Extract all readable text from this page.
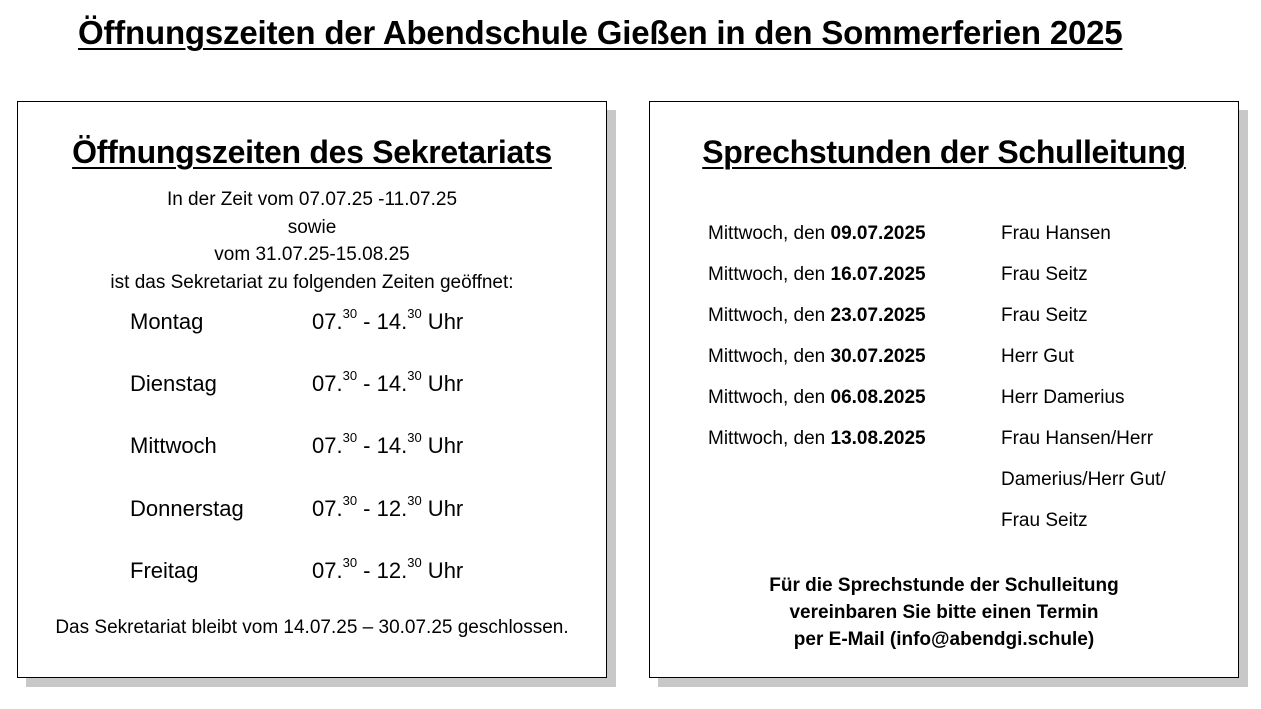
Öffnungszeiten der Abendschule Gießen in den Sommerferien 2025
Öffnungszeiten des Sekretariats
In der Zeit vom 07.07.25 -11.07.25
sowie
vom 31.07.25-15.08.25
ist das Sekretariat zu folgenden Zeiten geöffnet:
Montag	07.30 - 14.30 Uhr
Dienstag	07.30 - 14.30 Uhr
Mittwoch	07.30 - 14.30 Uhr
Donnerstag	07.30 - 12.30 Uhr
Freitag	07.30 - 12.30 Uhr
Das Sekretariat bleibt vom 14.07.25 – 30.07.25 geschlossen.
Sprechstunden der Schulleitung
Mittwoch, den 09.07.2025	Frau Hansen
Mittwoch, den 16.07.2025	Frau Seitz
Mittwoch, den 23.07.2025	Frau Seitz
Mittwoch, den 30.07.2025	Herr Gut
Mittwoch, den 06.08.2025	Herr Damerius
Mittwoch, den 13.08.2025	Frau Hansen/Herr
Damerius/Herr Gut/
Frau Seitz
Für die Sprechstunde der Schulleitung
vereinbaren Sie bitte einen Termin
per E-Mail (info@abendgi.schule)
